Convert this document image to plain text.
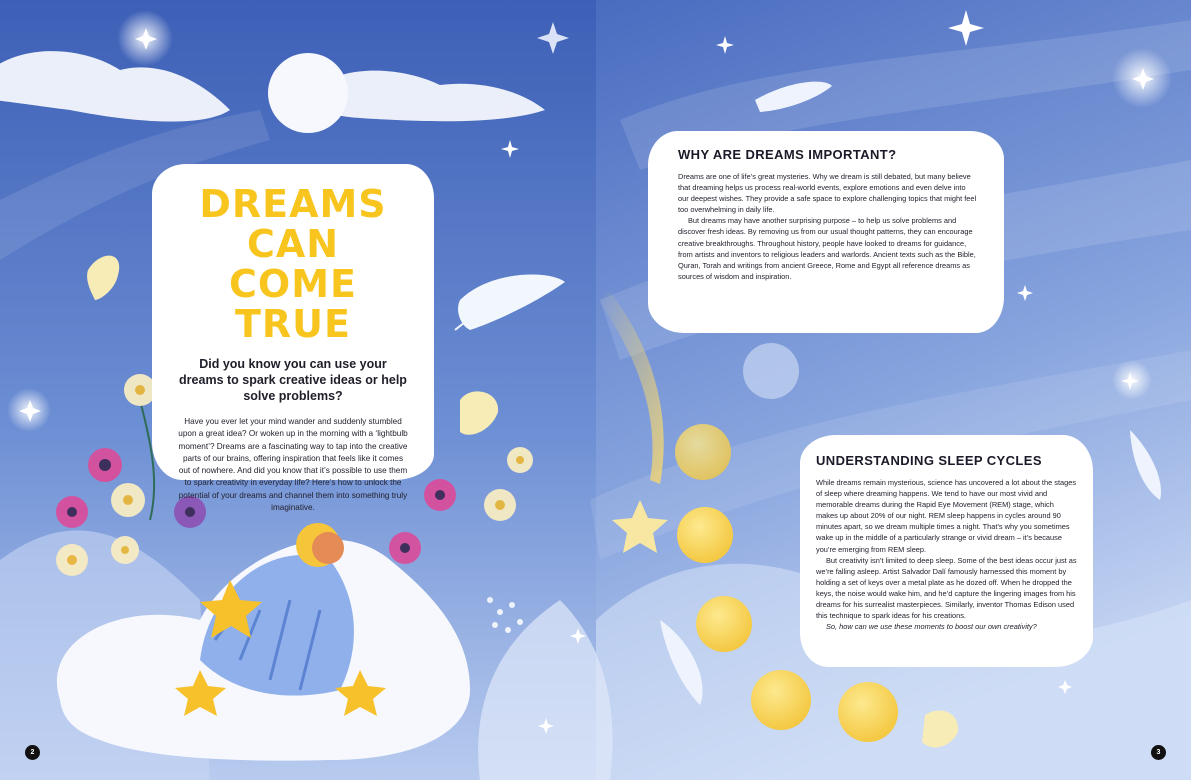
DREAMS CAN
COME TRUE

Did you know you can use your dreams to spark creative ideas or help solve problems?

Have you ever let your mind wander and suddenly stumbled upon a great idea? Or woken up in the morning with a ‘lightbulb moment’? Dreams are a fascinating way to tap into the creative parts of our brains, offering inspiration that feels like it comes out of nowhere. And did you know that it’s possible to use them to spark creativity in everyday life? Here’s how to unlock the potential of your dreams and channel them into something truly imaginative.

WHY ARE DREAMS IMPORTANT?

Dreams are one of life’s great mysteries. Why we dream is still debated, but many believe that dreaming helps us process real-world events, explore emotions and even delve into our deepest wishes. They provide a safe space to explore challenging topics that might feel too overwhelming in daily life.

But dreams may have another surprising purpose – to help us solve problems and discover fresh ideas. By removing us from our usual thought patterns, they can encourage creative breakthroughs. Throughout history, people have looked to dreams for guidance, from artists and inventors to religious leaders and warlords. Ancient texts such as the Bible, Quran, Torah and writings from ancient Greece, Rome and Egypt all reference dreams as sources of wisdom and inspiration.

UNDERSTANDING SLEEP CYCLES

While dreams remain mysterious, science has uncovered a lot about the stages of sleep where dreaming happens. We tend to have our most vivid and memorable dreams during the Rapid Eye Movement (REM) stage, which makes up about 20% of our night. REM sleep happens in cycles around 90 minutes apart, so we dream multiple times a night. That’s why you sometimes wake up in the middle of a particularly strange or vivid dream – it’s because you’re emerging from REM sleep.

But creativity isn’t limited to deep sleep. Some of the best ideas occur just as we’re falling asleep. Artist Salvador Dalí famously harnessed this moment by holding a set of keys over a metal plate as he dozed off. When he dropped the keys, the noise would wake him, and he’d capture the lingering images from his dreams for his surrealist masterpieces. Similarly, inventor Thomas Edison used this technique to spark ideas for his creations.

So, how can we use these moments to boost our own creativity?

2	3
